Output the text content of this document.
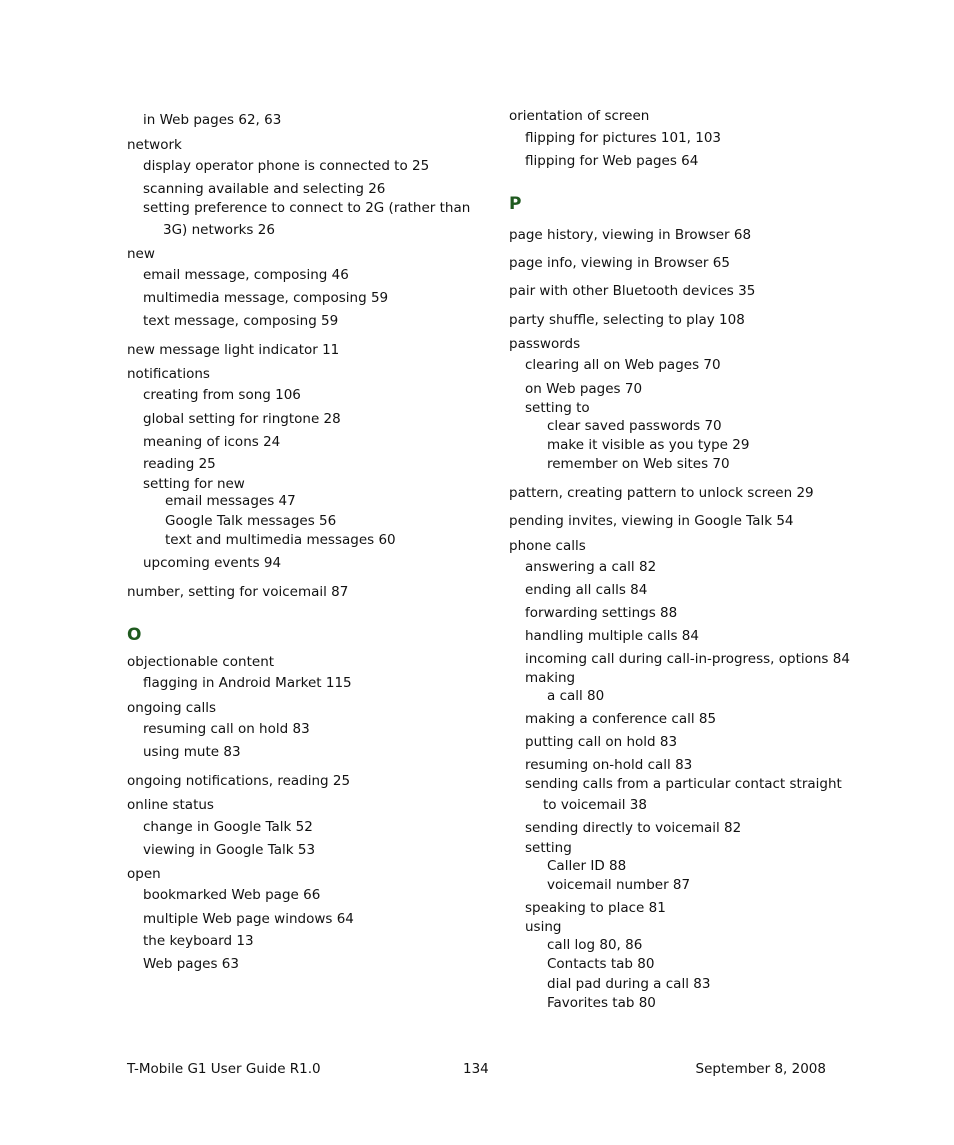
in Web pages 62, 63
network
display operator phone is connected to 25
scanning available and selecting 26
setting preference to connect to 2G (rather than
3G) networks 26
new
email message, composing 46
multimedia message, composing 59
text message, composing 59
new message light indicator 11
notifications
creating from song 106
global setting for ringtone 28
meaning of icons 24
reading 25
setting for new
email messages 47
Google Talk messages 56
text and multimedia messages 60
upcoming events 94
number, setting for voicemail 87
O
objectionable content
flagging in Android Market 115
ongoing calls
resuming call on hold 83
using mute 83
ongoing notifications, reading 25
online status
change in Google Talk 52
viewing in Google Talk 53
open
bookmarked Web page 66
multiple Web page windows 64
the keyboard 13
Web pages 63
orientation of screen
flipping for pictures 101, 103
flipping for Web pages 64
P
page history, viewing in Browser 68
page info, viewing in Browser 65
pair with other Bluetooth devices 35
party shuffle, selecting to play 108
passwords
clearing all on Web pages 70
on Web pages 70
setting to
clear saved passwords 70
make it visible as you type 29
remember on Web sites 70
pattern, creating pattern to unlock screen 29
pending invites, viewing in Google Talk 54
phone calls
answering a call 82
ending all calls 84
forwarding settings 88
handling multiple calls 84
incoming call during call-in-progress, options 84
making
a call 80
making a conference call 85
putting call on hold 83
resuming on-hold call 83
sending calls from a particular contact straight
to voicemail 38
sending directly to voicemail 82
setting
Caller ID 88
voicemail number 87
speaking to place 81
using
call log 80, 86
Contacts tab 80
dial pad during a call 83
Favorites tab 80
T-Mobile G1 User Guide R1.0	134	September 8, 2008
